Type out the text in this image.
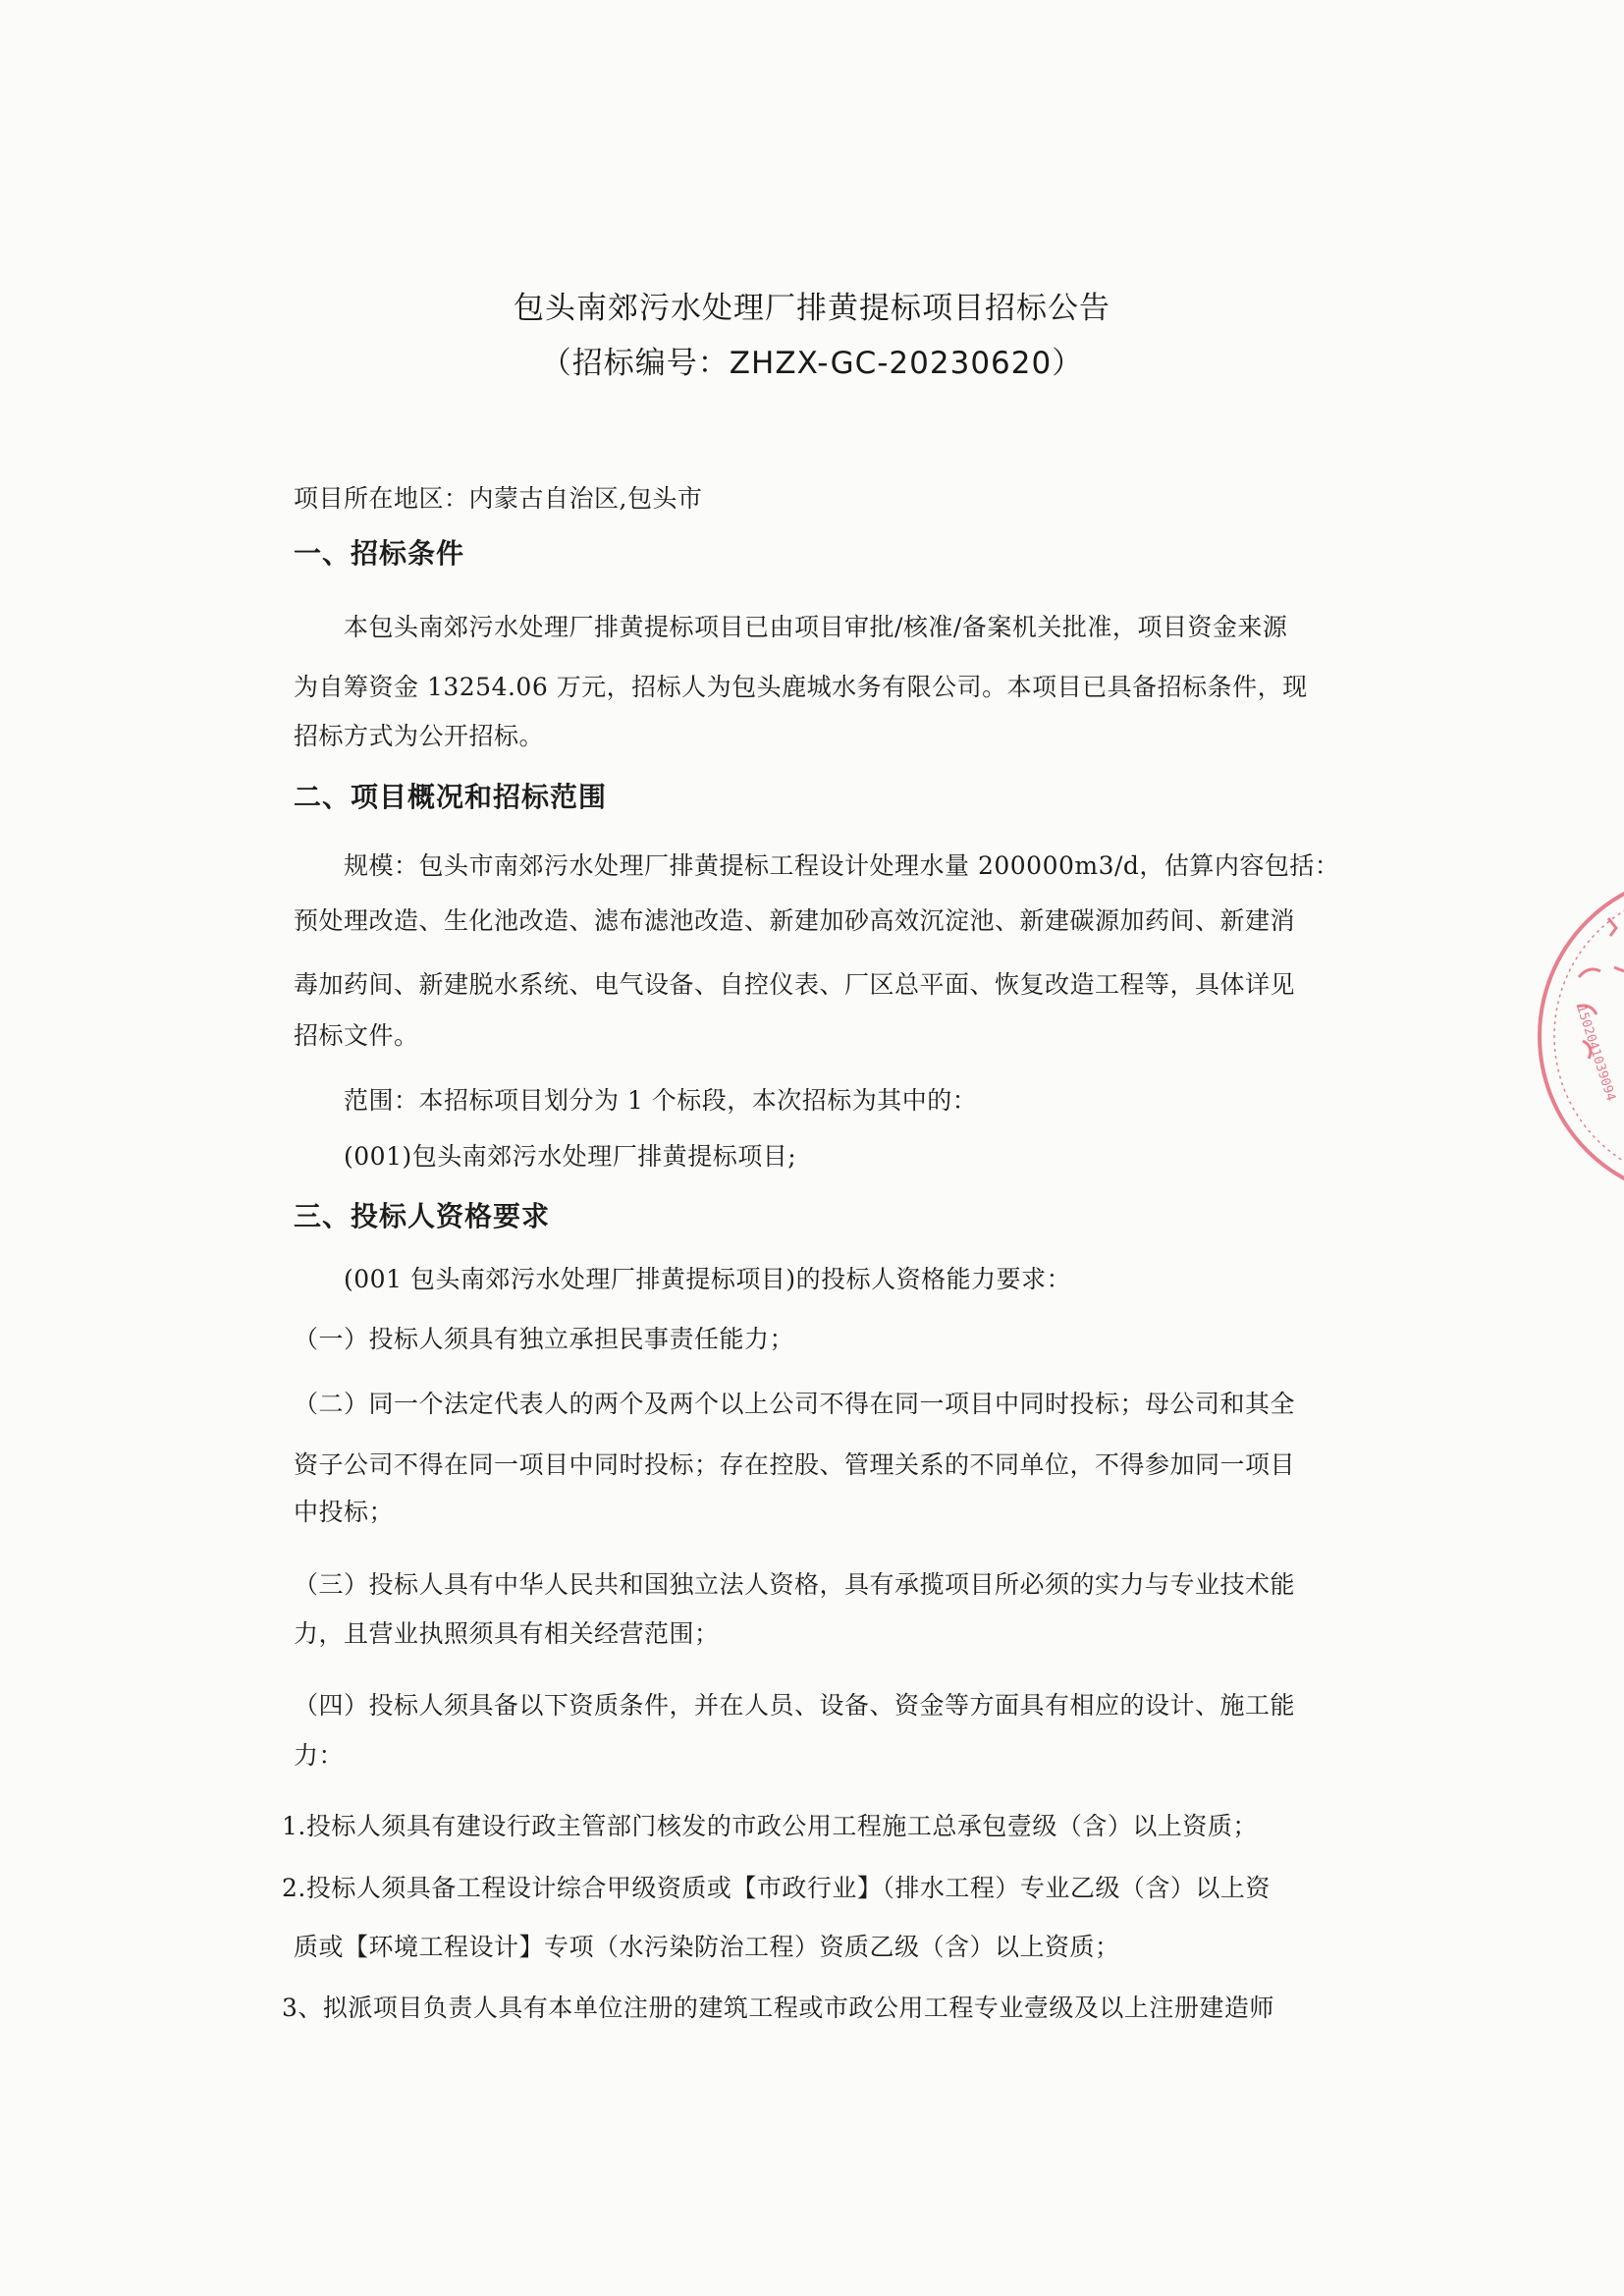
包头南郊污水处理厂排黄提标项目招标公告
（招标编号：ZHZX-GC-20230620）
项目所在地区：内蒙古自治区,包头市
一、招标条件
本包头南郊污水处理厂排黄提标项目已由项目审批/核准/备案机关批准，项目资金来源
为自筹资金 13254.06 万元，招标人为包头鹿城水务有限公司。本项目已具备招标条件，现
招标方式为公开招标。
二、项目概况和招标范围
规模：包头市南郊污水处理厂排黄提标工程设计处理水量 200000m3/d，估算内容包括：
预处理改造、生化池改造、滤布滤池改造、新建加砂高效沉淀池、新建碳源加药间、新建消
毒加药间、新建脱水系统、电气设备、自控仪表、厂区总平面、恢复改造工程等，具体详见
招标文件。
范围：本招标项目划分为 1 个标段，本次招标为其中的：
(001)包头南郊污水处理厂排黄提标项目;
三、投标人资格要求
(001 包头南郊污水处理厂排黄提标项目)的投标人资格能力要求：
（一）投标人须具有独立承担民事责任能力；
（二）同一个法定代表人的两个及两个以上公司不得在同一项目中同时投标；母公司和其全
资子公司不得在同一项目中同时投标；存在控股、管理关系的不同单位，不得参加同一项目
中投标；
（三）投标人具有中华人民共和国独立法人资格，具有承揽项目所必须的实力与专业技术能
力，且营业执照须具有相关经营范围；
（四）投标人须具备以下资质条件，并在人员、设备、资金等方面具有相应的设计、施工能
力：
1.投标人须具有建设行政主管部门核发的市政公用工程施工总承包壹级（含）以上资质；
2.投标人须具备工程设计综合甲级资质或【市政行业】（排水工程）专业乙级（含）以上资
质或【环境工程设计】专项（水污染防治工程）资质乙级（含）以上资质；
3、拟派项目负责人具有本单位注册的建筑工程或市政公用工程专业壹级及以上注册建造师
1502041039094
